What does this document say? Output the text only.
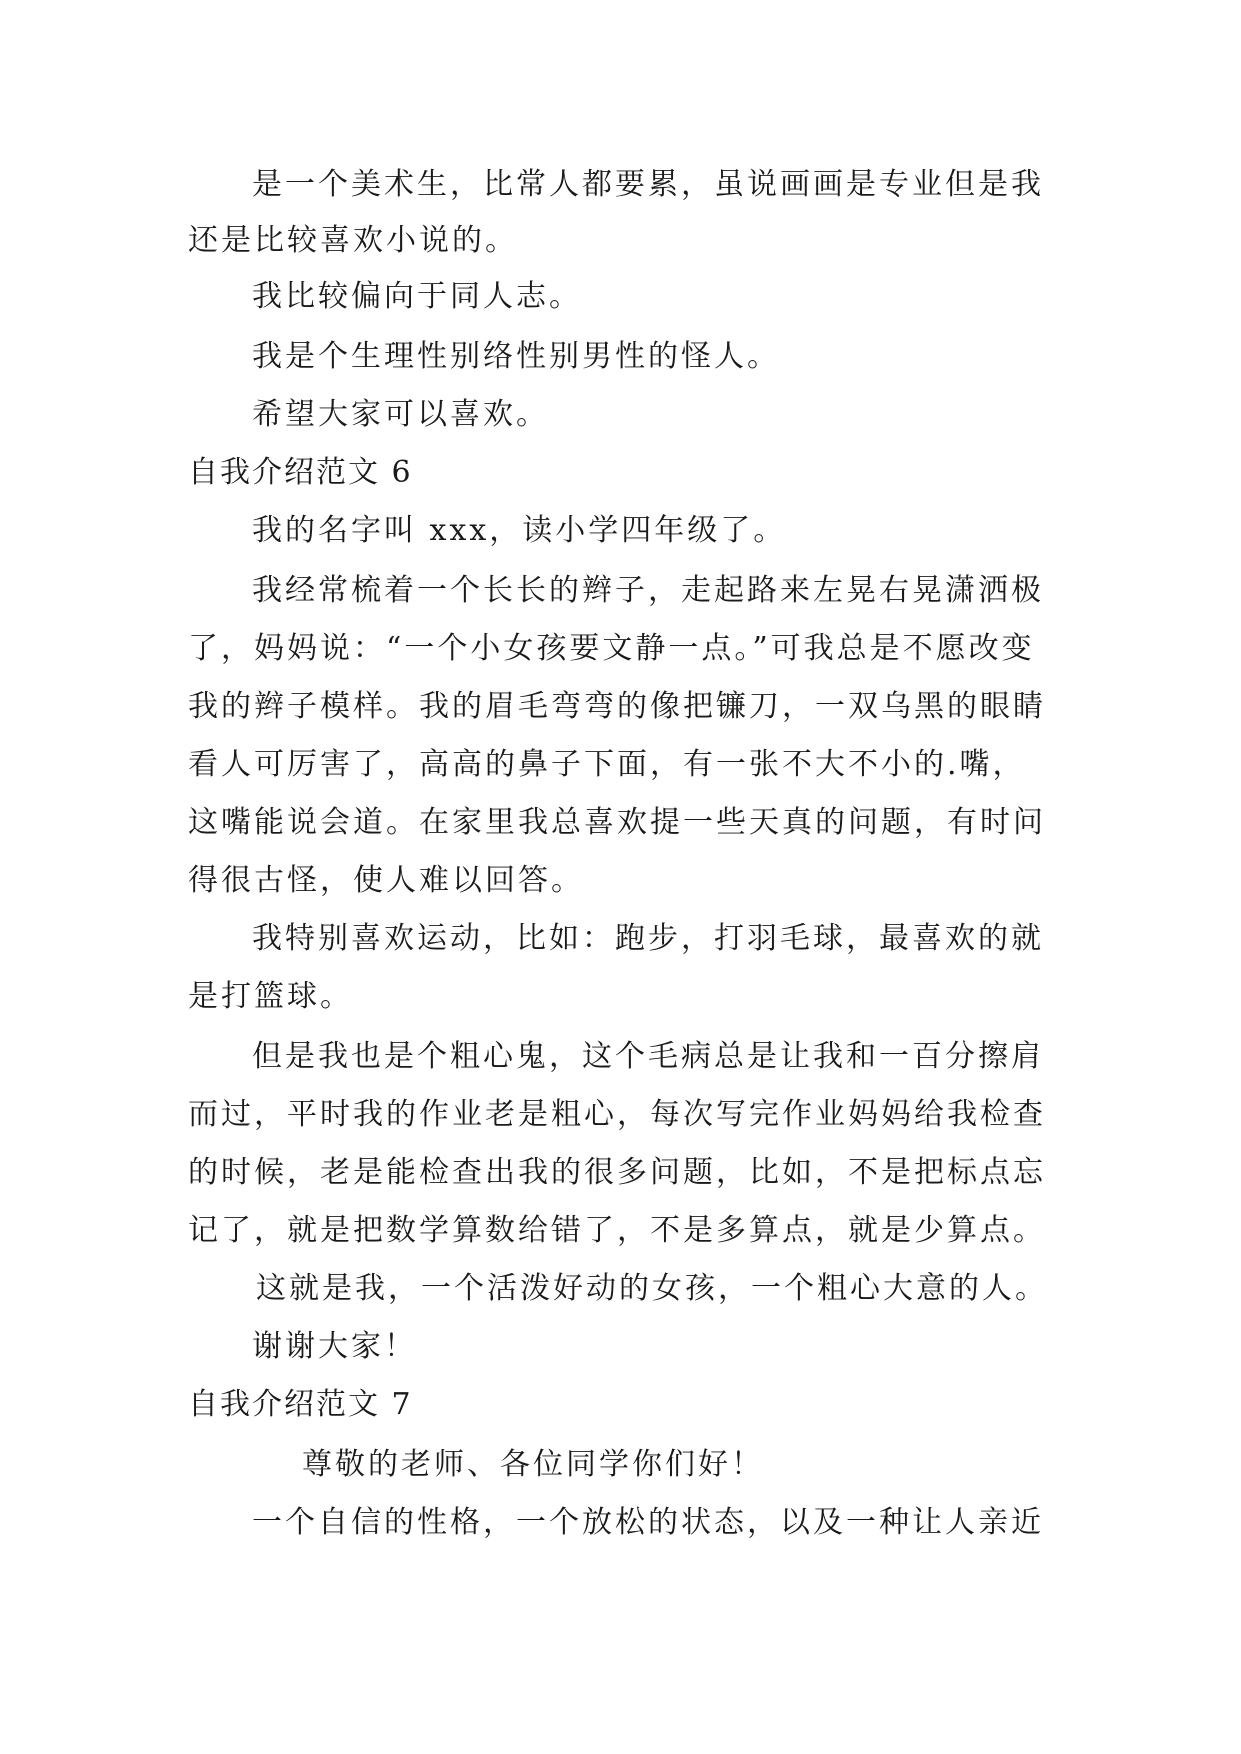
是一个美术生，比常人都要累，虽说画画是专业但是我
还是比较喜欢小说的。
我比较偏向于同人志。
我是个生理性别络性别男性的怪人。
希望大家可以喜欢。
自我介绍范文 6
我的名字叫 xxx，读小学四年级了。
我经常梳着一个长长的辫子，走起路来左晃右晃潇洒极
了，妈妈说：“一个小女孩要文静一点。”可我总是不愿改变
我的辫子模样。我的眉毛弯弯的像把镰刀，一双乌黑的眼睛
看人可厉害了，高高的鼻子下面，有一张不大不小的.嘴，
这嘴能说会道。在家里我总喜欢提一些天真的问题，有时问
得很古怪，使人难以回答。
我特别喜欢运动，比如：跑步，打羽毛球，最喜欢的就
是打篮球。
但是我也是个粗心鬼，这个毛病总是让我和一百分擦肩
而过，平时我的作业老是粗心，每次写完作业妈妈给我检查
的时候，老是能检查出我的很多问题，比如，不是把标点忘
记了，就是把数学算数给错了，不是多算点，就是少算点。
这就是我，一个活泼好动的女孩，一个粗心大意的人。
谢谢大家！
自我介绍范文 7
尊敬的老师、各位同学你们好！
一个自信的性格，一个放松的状态，以及一种让人亲近
